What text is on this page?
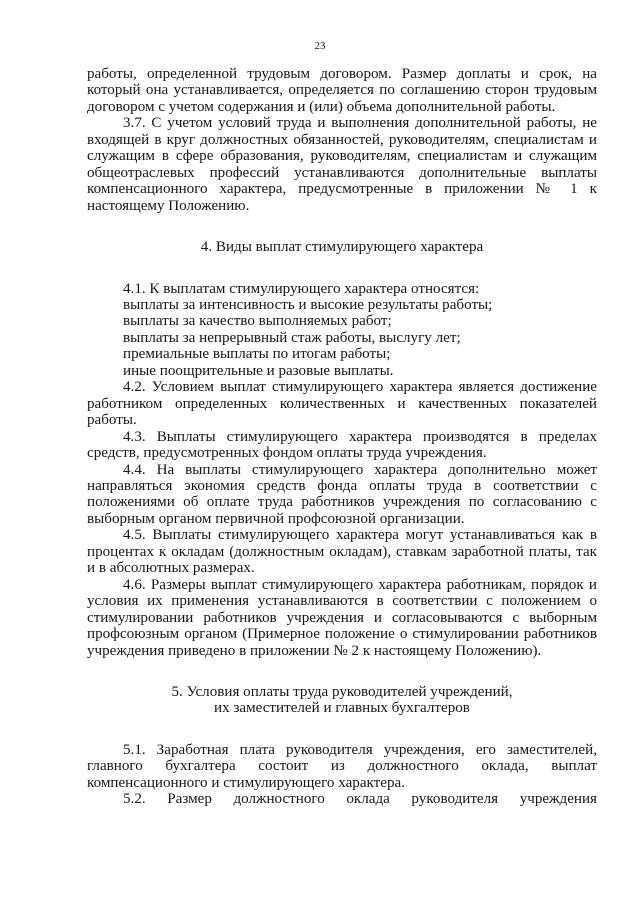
23

работы, определенной трудовым договором. Размер доплаты и срок, на который она устанавливается, определяется по соглашению сторон трудовым договором с учетом содержания и (или) объема дополнительной работы.

3.7. С учетом условий труда и выполнения дополнительной работы, не входящей в круг должностных обязанностей, руководителям, специалистам и служащим в сфере образования, руководителям, специалистам и служащим общеотраслевых профессий устанавливаются дополнительные выплаты компенсационного характера, предусмотренные в приложении № 1 к настоящему Положению.

4. Виды выплат стимулирующего характера

4.1. К выплатам стимулирующего характера относятся:

выплаты за интенсивность и высокие результаты работы;

выплаты за качество выполняемых работ;

выплаты за непрерывный стаж работы, выслугу лет;

премиальные выплаты по итогам работы;

иные поощрительные и разовые выплаты.

4.2. Условием выплат стимулирующего характера является достижение работником определенных количественных и качественных показателей работы.

4.3. Выплаты стимулирующего характера производятся в пределах средств, предусмотренных фондом оплаты труда учреждения.

4.4. На выплаты стимулирующего характера дополнительно может направляться экономия средств фонда оплаты труда в соответствии с положениями об оплате труда работников учреждения по согласованию с выборным органом первичной профсоюзной организации.

4.5. Выплаты стимулирующего характера могут устанавливаться как в процентах к окладам (должностным окладам), ставкам заработной платы, так и в абсолютных размерах.

4.6. Размеры выплат стимулирующего характера работникам, порядок и условия их применения устанавливаются в соответствии с положением о стимулировании работников учреждения и согласовываются с выборным профсоюзным органом (Примерное положение о стимулировании работников учреждения приведено в приложении № 2 к настоящему Положению).

5. Условия оплаты труда руководителей учреждений,

их заместителей и главных бухгалтеров

5.1. Заработная плата руководителя учреждения, его заместителей, главного бухгалтера состоит из должностного оклада, выплат компенсационного и стимулирующего характера.

5.2. Размер должностного оклада руководителя учреждения
